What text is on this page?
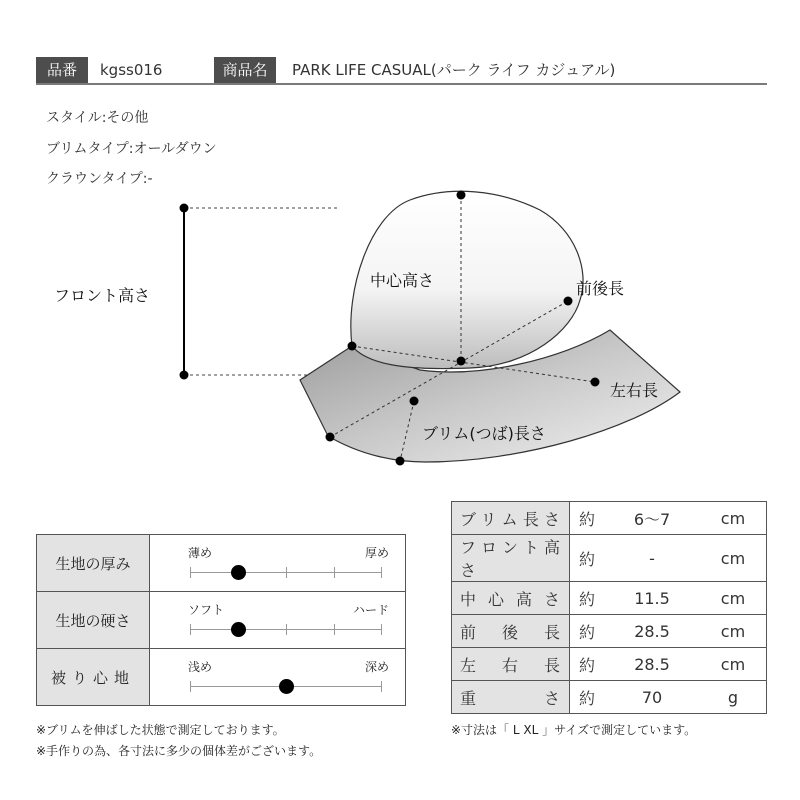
品番	kgss016	商品名	PARK LIFE CASUAL(パーク ライフ カジュアル)
スタイル:その他
ブリムタイプ:オールダウン
クラウンタイプ:-
フロント高さ
中心高さ	前後長
左右長
ブリム(つば)長さ
生地の厚み	薄め 厚め

生地の硬さ	ソフト ハード

被り心地	浅め 深め
ブリム長さ	約	6～7	cm
フロント高さ	約	-	cm
中心高さ	約	11.5	cm
前後長	約	28.5	cm
左右長	約	28.5	cm
重さ	約	70	g
※ブリムを伸ばした状態で測定しております。
※手作りの為、各寸法に多少の個体差がございます。
※寸法は「 L XL 」サイズで測定しています。
